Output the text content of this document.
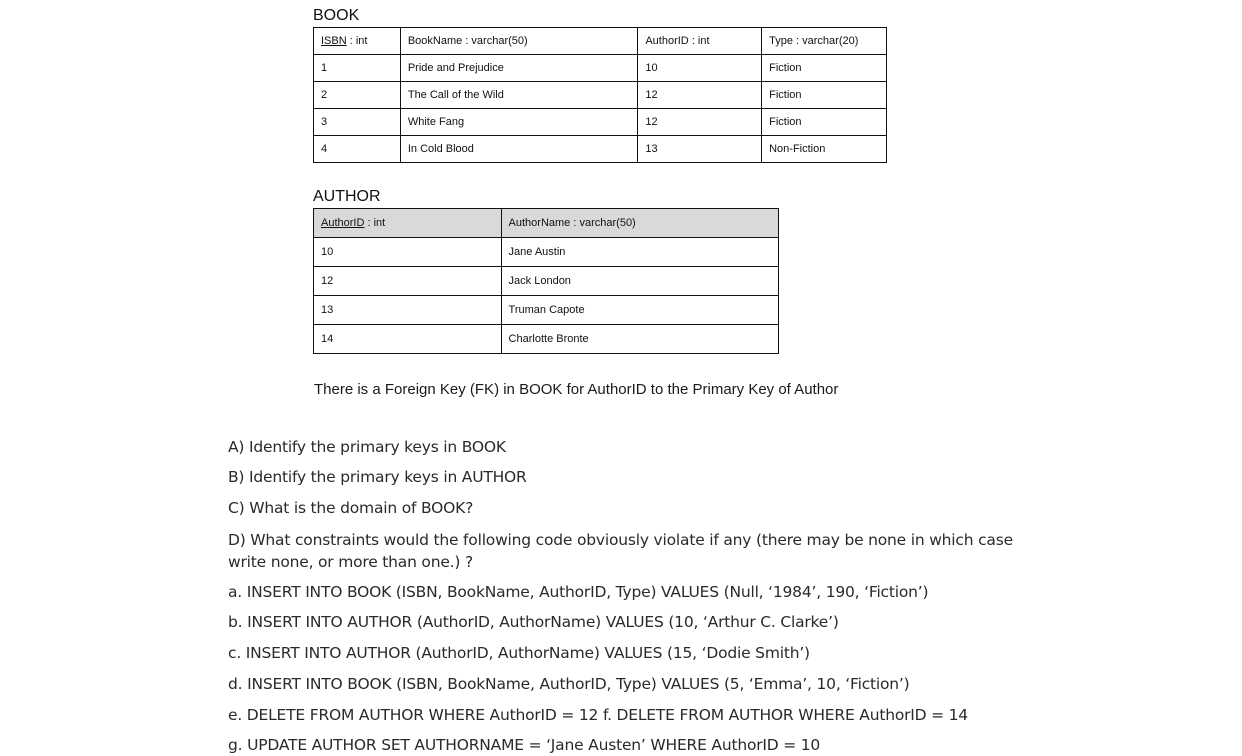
BOOK
ISBN : int	BookName : varchar(50)	AuthorID : int	Type : varchar(20)
1	Pride and Prejudice	10	Fiction
2	The Call of the Wild	12	Fiction
3	White Fang	12	Fiction
4	In Cold Blood	13	Non-Fiction
AUTHOR
AuthorID : int	AuthorName : varchar(50)
10	Jane Austin
12	Jack London
13	Truman Capote
14	Charlotte Bronte
There is a Foreign Key (FK) in BOOK for AuthorID to the Primary Key of Author
A) Identify the primary keys in BOOK
B) Identify the primary keys in AUTHOR
C) What is the domain of BOOK?
D) What constraints would the following code obviously violate if any (there may be none in which case write none, or more than one.) ?
a. INSERT INTO BOOK (ISBN, BookName, AuthorID, Type) VALUES (Null, ‘1984’, 190, ‘Fiction’)
b. INSERT INTO AUTHOR (AuthorID, AuthorName) VALUES (10, ‘Arthur C. Clarke’)
c. INSERT INTO AUTHOR (AuthorID, AuthorName) VALUES (15, ‘Dodie Smith’)
d. INSERT INTO BOOK (ISBN, BookName, AuthorID, Type) VALUES (5, ‘Emma’, 10, ‘Fiction’)
e. DELETE FROM AUTHOR WHERE AuthorID = 12 f. DELETE FROM AUTHOR WHERE AuthorID = 14
g. UPDATE AUTHOR SET AUTHORNAME = ‘Jane Austen’ WHERE AuthorID = 10
